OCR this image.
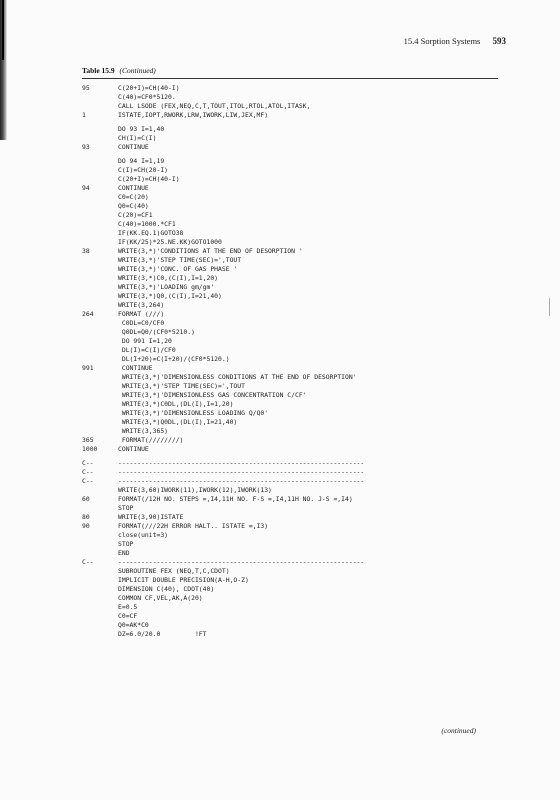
15.4 Sorption Systems 593
Table 15.9 (Continued)
95	C(20+I)=CH(40-I)
C(40)=CF0*5120.
CALL LSODE (FEX,NEQ,C,T,TOUT,ITOL,RTOL,ATOL,ITASK,
1	ISTATE,IOPT,RWORK,LRW,IWORK,LIW,JEX,MF)
DO 93 I=1,40
CH(I)=C(I)
93	CONTINUE
DO 94 I=1,19
C(I)=CH(20-I)
C(20+I)=CH(40-I)
94	CONTINUE
C0=C(20)
Q0=C(40)
C(20)=CF1
C(40)=1000.*CF1
IF(KK.EQ.1)GOTO38
IF(KK/25)*25.NE.KK)GOTO1000
38	WRITE(3,*)'CONDITIONS AT THE END OF DESORPTION '
WRITE(3,*)'STEP TIME(SEC)=',TOUT
WRITE(3,*)'CONC. OF GAS PHASE '
WRITE(3,*)C0,(C(I),I=1,20)
WRITE(3,*)'LOADING gm/gm'
WRITE(3,*)Q0,(C(I),I=21,40)
WRITE(3,264)
264	FORMAT (///)
C0DL=C0/CF0
Q0DL=Q0/(CF0*5210.)
DO 991 I=1,20
DL(I)=C(I)/CF0
DL(I+20)=C(I+20)/(CF0*5120.)
991	CONTINUE
WRITE(3,*)'DIMENSIONLESS CONDITIONS AT THE END OF DESORPTION'
WRITE(3,*)'STEP TIME(SEC)=',TOUT
WRITE(3,*)'DIMENSIONLESS GAS CONCENTRATION C/CF'
WRITE(3,*)C0DL,(DL(I),I=1,20)
WRITE(3,*)'DIMENSIONLESS LOADING Q/Q0'
WRITE(3,*)Q0DL,(DL(I),I=21,40)
WRITE(3,365)
365	FORMAT(////////)
1000	CONTINUE
C--	----------------------------------------------------------------
C--	----------------------------------------------------------------
C--	----------------------------------------------------------------
WRITE(3,60)IWORK(11),IWORK(12),IWORK(13)
60	FORMAT(/12H NO. STEPS =,I4,11H NO. F-S =,I4,11H NO. J-S =,I4)
STOP
80	WRITE(3,90)ISTATE
90	FORMAT(///22H ERROR HALT.. ISTATE =,I3)
close(unit=3)
STOP
END
C--	----------------------------------------------------------------
SUBROUTINE FEX (NEQ,T,C,CDOT)
IMPLICIT DOUBLE PRECISION(A-H,O-Z)
DIMENSION C(40), CDOT(40)
COMMON CF,VEL,AK,A(20)
E=0.5
C0=CF
Q0=AK*C0
DZ=6.0/20.0         !FT
(continued)
